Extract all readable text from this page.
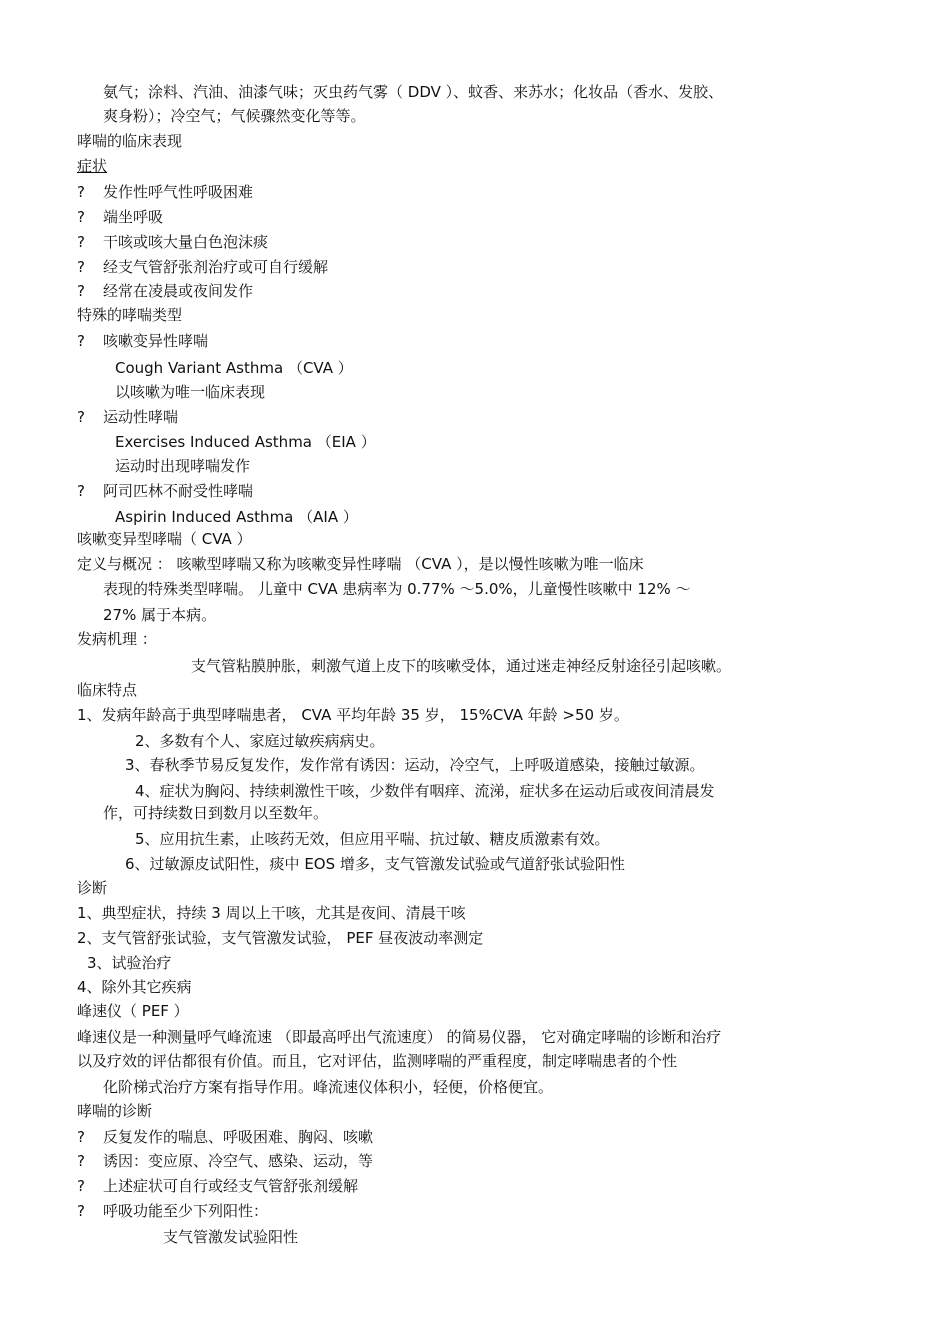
氨气；涂料、汽油、油漆气味；灭虫药气雾（ DDV ）、蚊香、来苏水；化妆品（香水、发胶、
爽身粉）；冷空气；气候骤然变化等等。
哮喘的临床表现
症状
? 发作性呼气性呼吸困难
? 端坐呼吸
? 干咳或咳大量白色泡沫痰
? 经支气管舒张剂治疗或可自行缓解
? 经常在凌晨或夜间发作
特殊的哮喘类型
? 咳嗽变异性哮喘
Cough Variant Asthma （CVA ）
以咳嗽为唯一临床表现
? 运动性哮喘
Exercises Induced Asthma （EIA ）
运动时出现哮喘发作
? 阿司匹林不耐受性哮喘
Aspirin Induced Asthma （AIA ）
咳嗽变异型哮喘（ CVA ）
定义与概况 ： 咳嗽型哮喘又称为咳嗽变异性哮喘 （CVA ），是以慢性咳嗽为唯一临床
表现的特殊类型哮喘。 儿童中 CVA 患病率为 0.77% ～5.0%，儿童慢性咳嗽中 12% ～
27% 属于本病。
发病机理 ：
支气管粘膜肿胀，刺激气道上皮下的咳嗽受体，通过迷走神经反射途径引起咳嗽。
临床特点
1、发病年龄高于典型哮喘患者， CVA 平均年龄 35 岁， 15%CVA 年龄 >50 岁。
2、多数有个人、家庭过敏疾病病史。
3、春秋季节易反复发作，发作常有诱因：运动，冷空气，上呼吸道感染，接触过敏源。
4、症状为胸闷、持续刺激性干咳，少数伴有咽痒、流涕，症状多在运动后或夜间清晨发
作，可持续数日到数月以至数年。
5、应用抗生素，止咳药无效，但应用平喘、抗过敏、糖皮质激素有效。
6、过敏源皮试阳性，痰中 EOS 增多，支气管激发试验或气道舒张试验阳性
诊断
1、典型症状，持续 3 周以上干咳，尤其是夜间、清晨干咳
2、支气管舒张试验，支气管激发试验， PEF 昼夜波动率测定
3、试验治疗
4、除外其它疾病
峰速仪（ PEF ）
峰速仪是一种测量呼气峰流速 （即最高呼出气流速度） 的简易仪器， 它对确定哮喘的诊断和治疗
以及疗效的评估都很有价值。而且，它对评估，监测哮喘的严重程度，制定哮喘患者的个性
化阶梯式治疗方案有指导作用。峰流速仪体积小，轻便，价格便宜。
哮喘的诊断
? 反复发作的喘息、呼吸困难、胸闷、咳嗽
? 诱因：变应原、冷空气、感染、运动，等
? 上述症状可自行或经支气管舒张剂缓解
? 呼吸功能至少下列阳性：
支气管激发试验阳性
